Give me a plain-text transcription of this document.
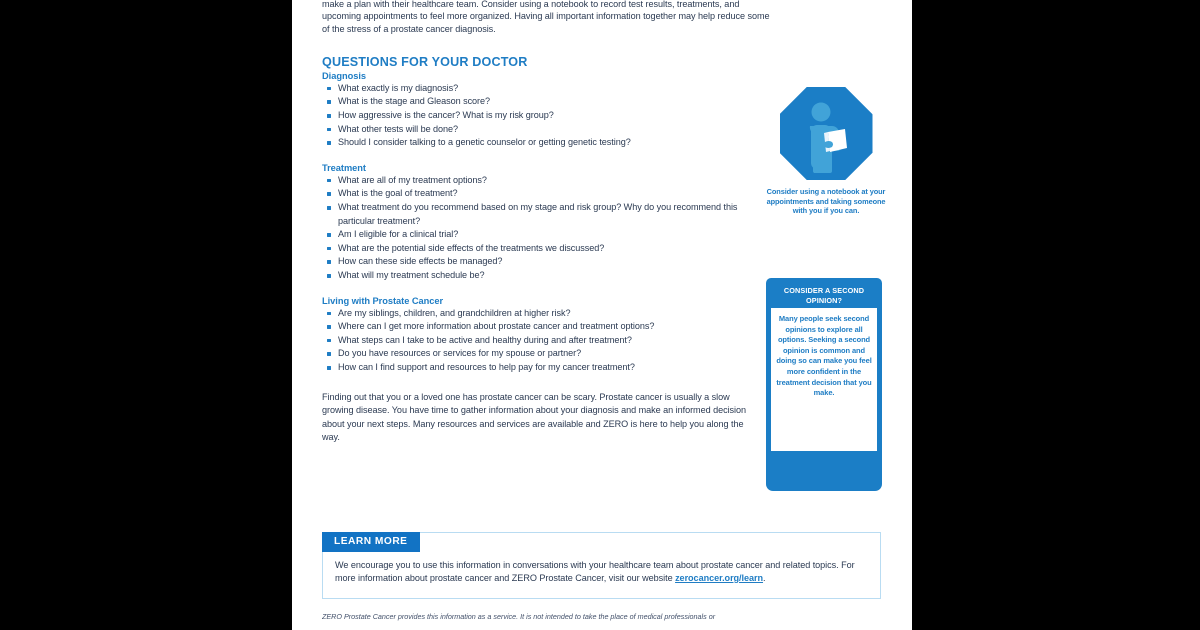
make a plan with their healthcare team. Consider using a notebook to record test results, treatments, and upcoming appointments to feel more organized. Having all important information together may help reduce some of the stress of a prostate cancer diagnosis.

QUESTIONS FOR YOUR DOCTOR
Diagnosis
What exactly is my diagnosis?
What is the stage and Gleason score?
How aggressive is the cancer? What is my risk group?
What other tests will be done?
Should I consider talking to a genetic counselor or getting genetic testing?
Treatment
What are all of my treatment options?
What is the goal of treatment?
What treatment do you recommend based on my stage and risk group? Why do you recommend this particular treatment?
Am I eligible for a clinical trial?
What are the potential side effects of the treatments we discussed?
How can these side effects be managed?
What will my treatment schedule be?
Living with Prostate Cancer
Are my siblings, children, and grandchildren at higher risk?
Where can I get more information about prostate cancer and treatment options?
What steps can I take to be active and healthy during and after treatment?
Do you have resources or services for my spouse or partner?
How can I find support and resources to help pay for my cancer treatment?

Finding out that you or a loved one has prostate cancer can be scary. Prostate cancer is usually a slow growing disease. You have time to gather information about your diagnosis and make an informed decision about your next steps. Many resources and services are available and ZERO is here to help you along the way.

Consider using a notebook at your appointments and taking someone with you if you can.
CONSIDER A SECOND OPINION?
Many people seek second opinions to explore all options. Seeking a second opinion is common and doing so can make you feel more confident in the treatment decision that you make.
LEARN MORE
We encourage you to use this information in conversations with your healthcare team about prostate cancer and related topics. For more information about prostate cancer and ZERO Prostate Cancer, visit our website zerocancer.org/learn.
ZERO Prostate Cancer provides this information as a service. It is not intended to take the place of medical professionals or
